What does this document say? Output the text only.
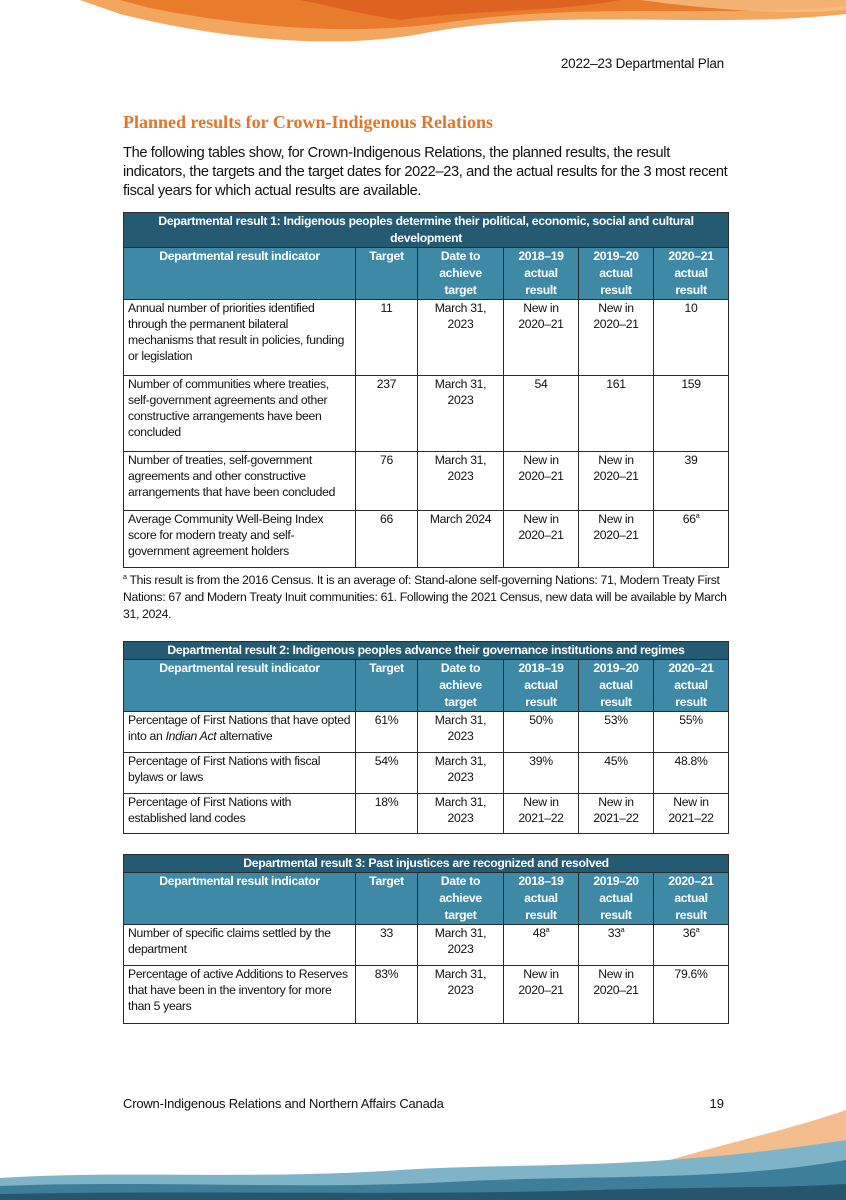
2022–23 Departmental Plan
Planned results for Crown-Indigenous Relations
The following tables show, for Crown-Indigenous Relations, the planned results, the result indicators, the targets and the target dates for 2022–23, and the actual results for the 3 most recent fiscal years for which actual results are available.
Departmental result 1: Indigenous peoples determine their political, economic, social and cultural development					
Departmental result indicator	Target	Date to achieve target	2018–19 actual result	2019–20 actual result	2020–21 actual result
Annual number of priorities identified through the permanent bilateral mechanisms that result in policies, funding or legislation	11	March 31, 2023	New in 2020–21	New in 2020–21	10
Number of communities where treaties, self-government agreements and other constructive arrangements have been concluded	237	March 31, 2023	54	161	159
Number of treaties, self-government agreements and other constructive arrangements that have been concluded	76	March 31, 2023	New in 2020–21	New in 2020–21	39
Average Community Well-Being Index score for modern treaty and self-government agreement holders	66	March 2024	New in 2020–21	New in 2020–21	66$^a$
$^a$ This result is from the 2016 Census. It is an average of: Stand-alone self-governing Nations: 71, Modern Treaty First Nations: 67 and Modern Treaty Inuit communities: 61. Following the 2021 Census, new data will be available by March 31, 2024.
Departmental result 2: Indigenous peoples advance their governance institutions and regimes					
Departmental result indicator	Target	Date to achieve target	2018–19 actual result	2019–20 actual result	2020–21 actual result
Percentage of First Nations that have opted into an Indian Act alternative	61%	March 31, 2023	50%	53%	55%
Percentage of First Nations with fiscal bylaws or laws	54%	March 31, 2023	39%	45%	48.8%
Percentage of First Nations with established land codes	18%	March 31, 2023	New in 2021–22	New in 2021–22	New in 2021–22
Departmental result 3: Past injustices are recognized and resolved					
Departmental result indicator	Target	Date to achieve target	2018–19 actual result	2019–20 actual result	2020–21 actual result
Number of specific claims settled by the department	33	March 31, 2023	48$^a$	33$^a$	36$^a$
Percentage of active Additions to Reserves that have been in the inventory for more than 5 years	83%	March 31, 2023	New in 2020–21	New in 2020–21	79.6%
Crown-Indigenous Relations and Northern Affairs Canada	19
